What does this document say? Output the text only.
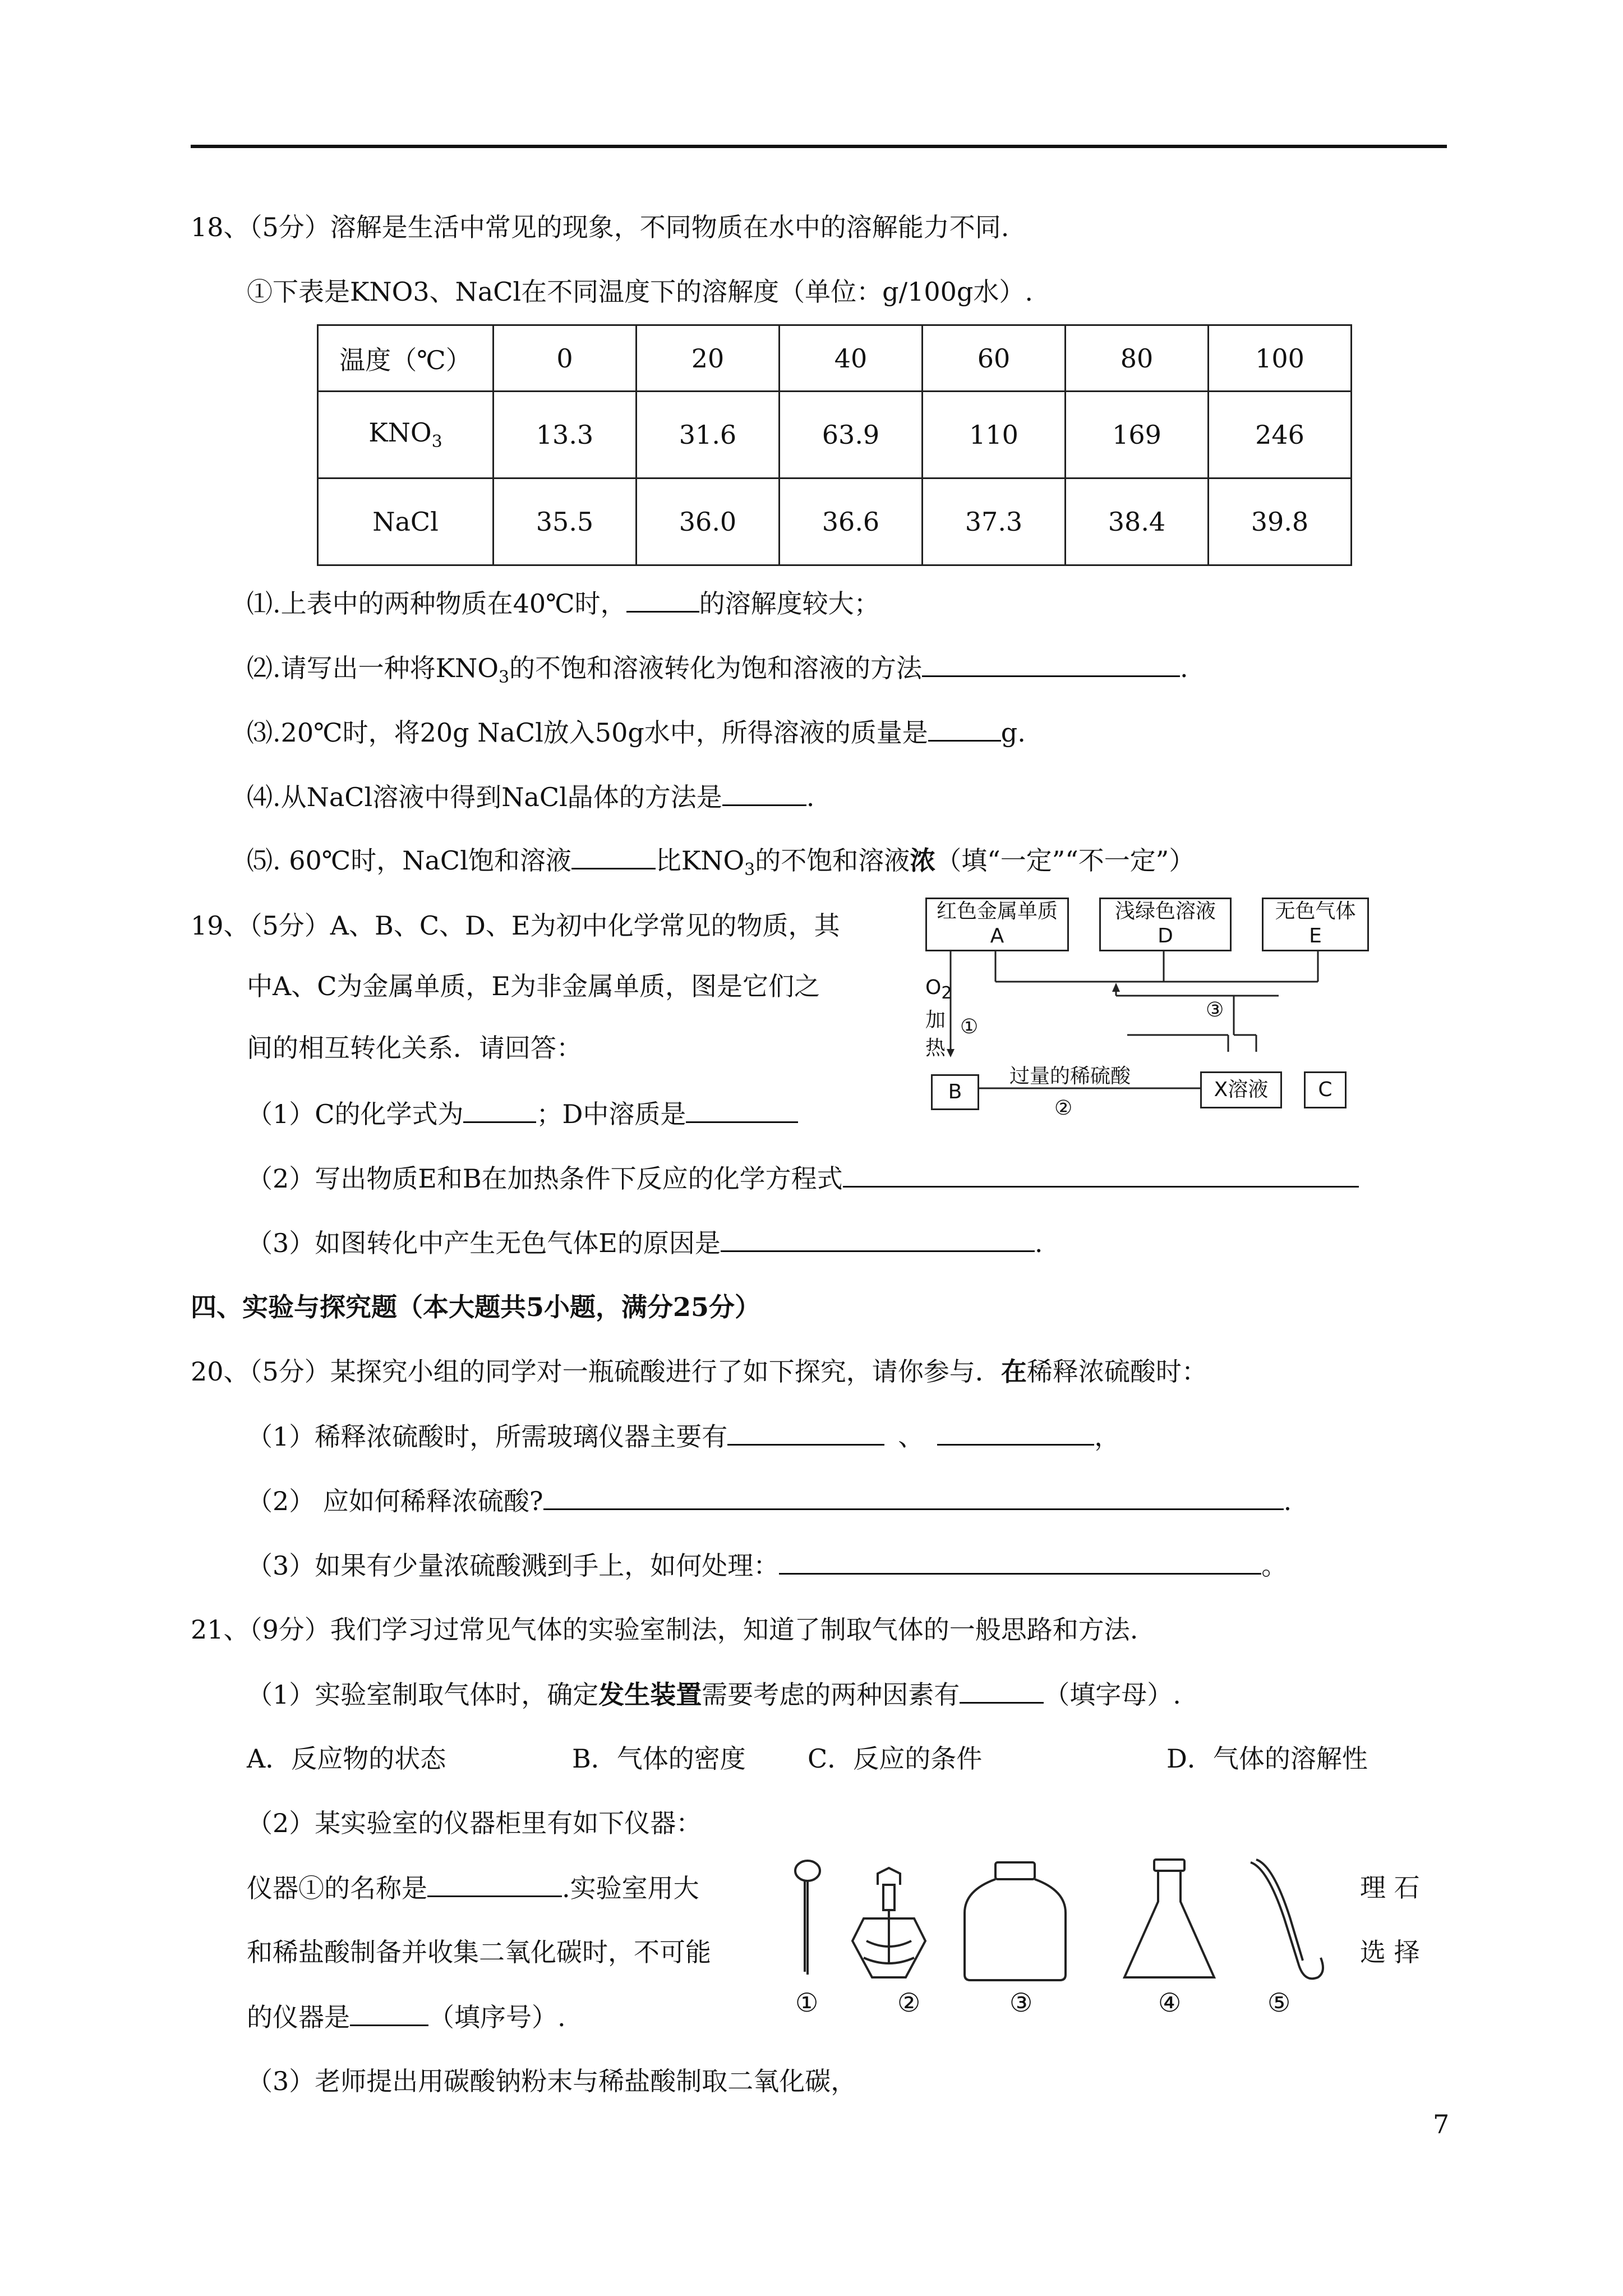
18、（5分）溶解是生活中常见的现象，不同物质在水中的溶解能力不同.
①下表是KNO3、NaCl在不同温度下的溶解度（单位：g/100g水）.
温度（℃）	0	20	40	60	80	100
$KNO_3$	13.3	31.6	63.9	110	169	246
NaCl	35.5	36.0	36.6	37.3	38.4	39.8
⑴.上表中的两种物质在40℃时，	的溶解度较大；
⑵.请写出一种将$KNO_3$的不饱和溶液转化为饱和溶液的方法	.
⑶.20℃时，将20g NaCl放入50g水中，所得溶液的质量是	g.
⑷.从NaCl溶液中得到NaCl晶体的方法是	.
⑸. 60℃时，NaCl饱和溶液	比$KNO_3$的不饱和溶液浓（填“一定”“不一定”）
19、（5分）A、B、C、D、E为初中化学常见的物质，其
中A、C为金属单质，E为非金属单质，图是它们之
间的相互转化关系．请回答：
（1）C的化学式为	；D中溶质是
（2）写出物质E和B在加热条件下反应的化学方程式
（3）如图转化中产生无色气体E的原因是	.
红色金属单质
A
浅绿色溶液
D
无色气体
E
B	X溶液	C
$O_2$
加
热
①
③
过量的稀硫酸
②
四、实验与探究题（本大题共5小题，满分25分）
20、（5分）某探究小组的同学对一瓶硫酸进行了如下探究，请你参与．在稀释浓硫酸时：
（1）稀释浓硫酸时，所需玻璃仪器主要有	、	，
（2） 应如何稀释浓硫酸?	.
（3）如果有少量浓硫酸溅到手上，如何处理：	。
21、（9分）我们学习过常见气体的实验室制法，知道了制取气体的一般思路和方法.
（1）实验室制取气体时，确定发生装置需要考虑的两种因素有	（填字母）.
A．反应物的状态	B．气体的密度 C．反应的条件	D．气体的溶解性
（2）某实验室的仪器柜里有如下仪器：
仪器①的名称是	.实验室用大
和稀盐酸制备并收集二氧化碳时，不可能
的仪器是	（填序号）.
理 石
选 择
①	②	③	④	⑤
（3）老师提出用碳酸钠粉末与稀盐酸制取二氧化碳，
7
